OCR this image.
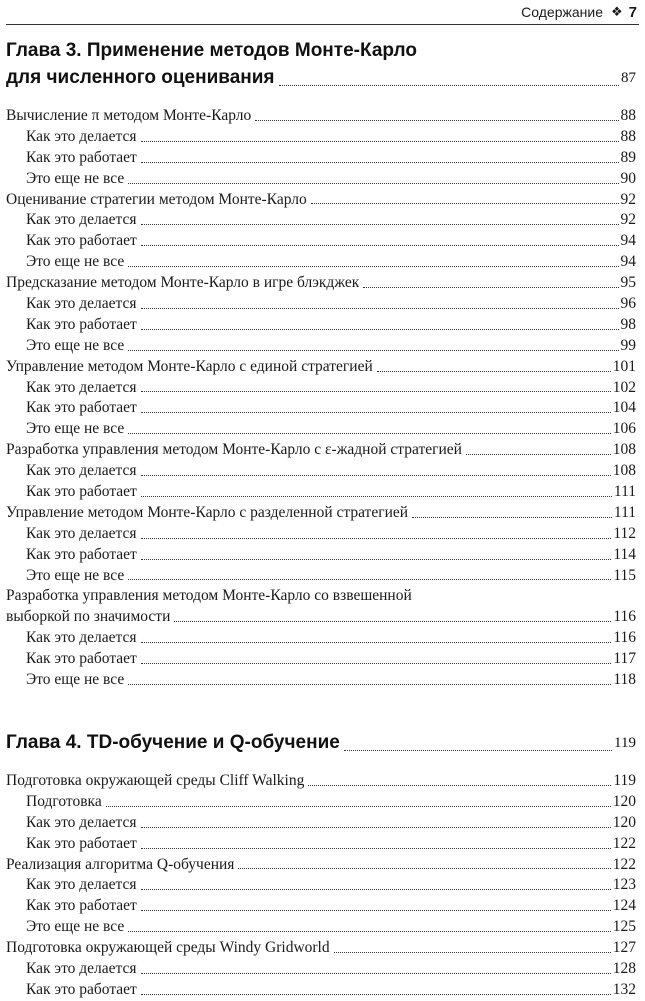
Содержание ❖ 7
Глава 3. Применение методов Монте-Карло
для численного оценивания	87
Вычисление π методом Монте-Карло	88
Как это делается	88
Как это работает	89
Это еще не все	90
Оценивание стратегии методом Монте-Карло	92
Как это делается	92
Как это работает	94
Это еще не все	94
Предсказание методом Монте-Карло в игре блэкджек	95
Как это делается	96
Как это работает	98
Это еще не все	99
Управление методом Монте-Карло с единой стратегией	101
Как это делается	102
Как это работает	104
Это еще не все	106
Разработка управления методом Монте-Карло с ε-жадной стратегией	108
Как это делается	108
Как это работает	111
Управление методом Монте-Карло с разделенной стратегией	111
Как это делается	112
Как это работает	114
Это еще не все	115
Разработка управления методом Монте-Карло со взвешенной
выборкой по значимости	116
Как это делается	116
Как это работает	117
Это еще не все	118
Глава 4. TD-обучение и Q-обучение	119
Подготовка окружающей среды Cliff Walking	119
Подготовка	120
Как это делается	120
Как это работает	122
Реализация алгоритма Q-обучения	122
Как это делается	123
Как это работает	124
Это еще не все	125
Подготовка окружающей среды Windy Gridworld	127
Как это делается	128
Как это работает	132
